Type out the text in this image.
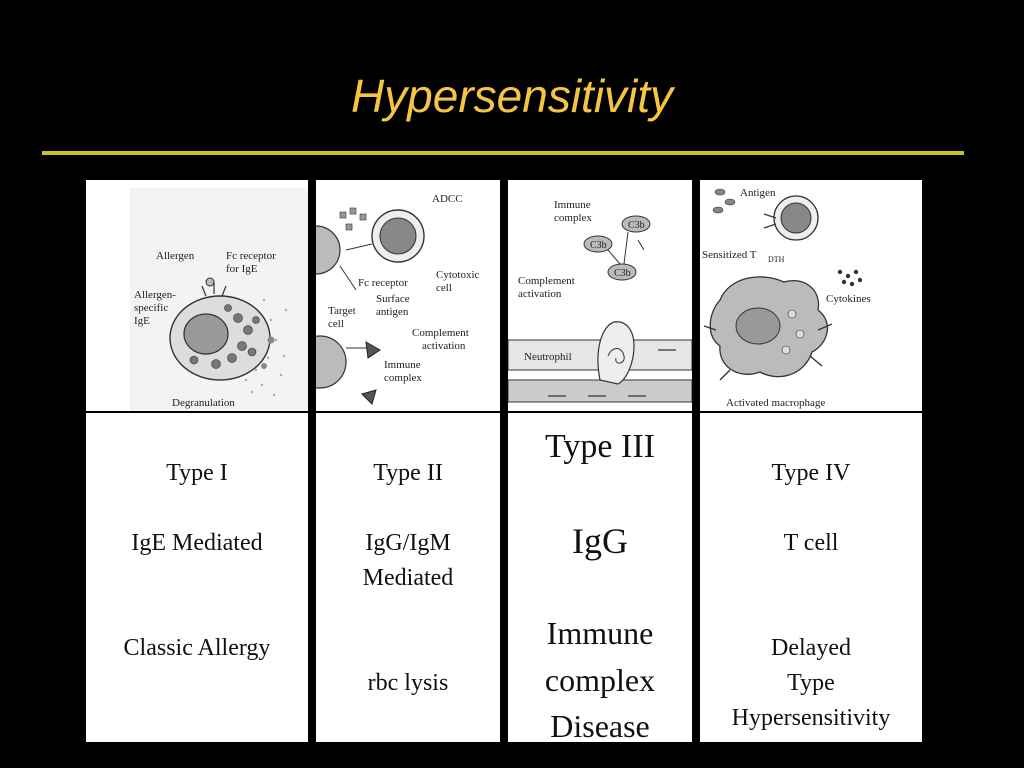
Hypersensitivity
Allergen	Fc receptor
for IgE
Allergen-
specific
IgE
Degranulation
Type I
IgE Mediated
Classic Allergy
ADCC
Cytotoxic
cell
Fc receptor
Target
cell
Surface
antigen
Complement
activation
Immune
complex
Type II
IgG/IgM
Mediated
rbc lysis
C3b
C3b
C3b
Immune
complex
Complement
activation
Neutrophil
Type III
IgG
Immune
complex
Disease
Antigen
Sensitized T DTH
Cytokines
Activated macrophage
Type IV
T cell
Delayed
Type
Hypersensitivity
